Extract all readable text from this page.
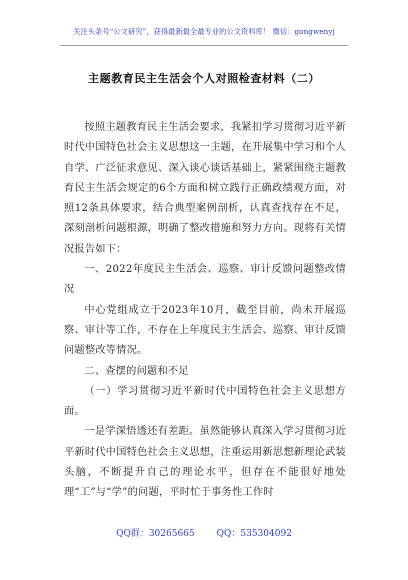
关注头条号“公文研究”，获得最新最全最专业的公文资料库！ 微信：gongwenyj
主题教育民主生活会个人对照检查材料（二）

按照主题教育民主生活会要求，我紧扣学习贯彻习近平新时代中国特色社会主义思想这一主题，在开展集中学习和个人自学、广泛征求意见、深入谈心谈话基础上，紧紧围绕主题教育民主生活会规定的6个方面和树立践行正确政绩观方面，对照12条具体要求，结合典型案例剖析，认真查找存在不足，深刻剖析问题根源，明确了整改措施和努力方向。现将有关情况报告如下：

一、2022年度民主生活会、巡察、审计反馈问题整改情况

中心党组成立于2023年10月，截至目前，尚未开展巡察、审计等工作，不存在上年度民主生活会、巡察、审计反馈问题整改等情况。

二、查摆的问题和不足

（一）学习贯彻习近平新时代中国特色社会主义思想方面。

一是学深悟透还有差距。虽然能够认真深入学习贯彻习近平新时代中国特色社会主义思想，注重运用新思想新理论武装头脑，不断提升自己的理论水平，但存在不能很好地处理“工”与“学”的问题，平时忙于事务性工作时

QQ群：30265665 QQ：535304092
